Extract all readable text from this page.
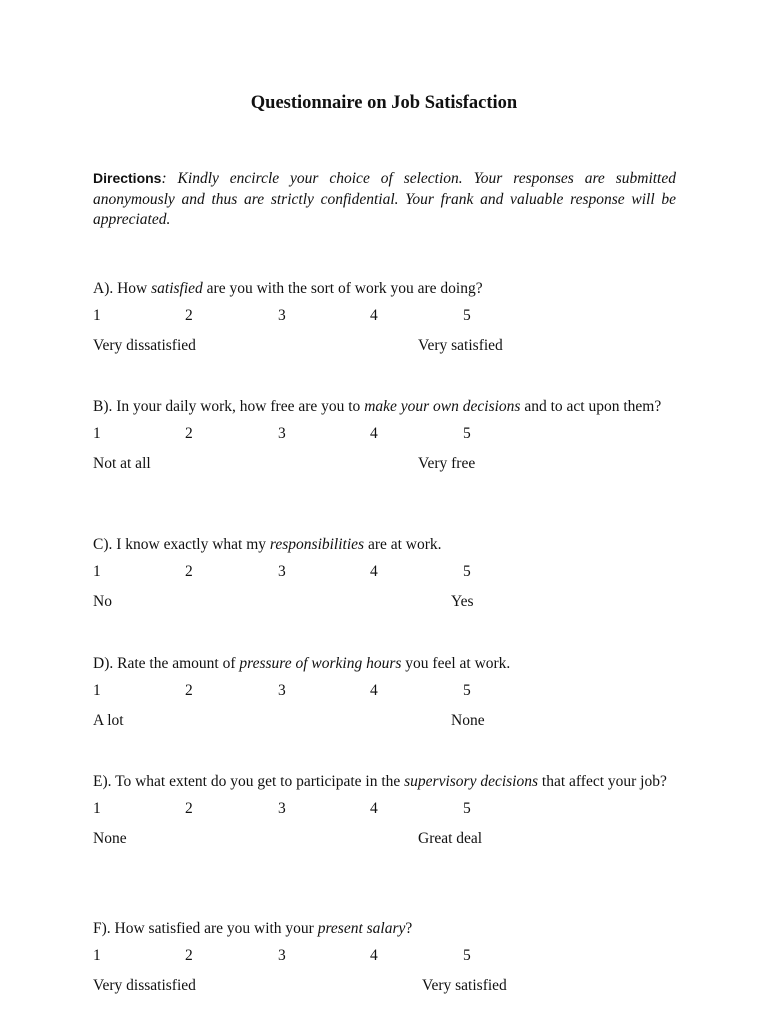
Questionnaire on Job Satisfaction
Directions: Kindly encircle your choice of selection. Your responses are submitted anonymously and thus are strictly confidential. Your frank and valuable response will be appreciated.

A). How satisfied are you with the sort of work you are doing?

1	2	3	4	5
Very dissatisfied	Very satisfied

B). In your daily work, how free are you to make your own decisions and to act upon them?

1	2	3	4	5
Not at all	Very free

C). I know exactly what my responsibilities are at work.

1	2	3	4	5
No	Yes

D). Rate the amount of pressure of working hours you feel at work.

1	2	3	4	5
A lot	None

E). To what extent do you get to participate in the supervisory decisions that affect your job?

1	2	3	4	5
None	Great deal

F). How satisfied are you with your present salary?

1	2	3	4	5
Very dissatisfied	Very satisfied
